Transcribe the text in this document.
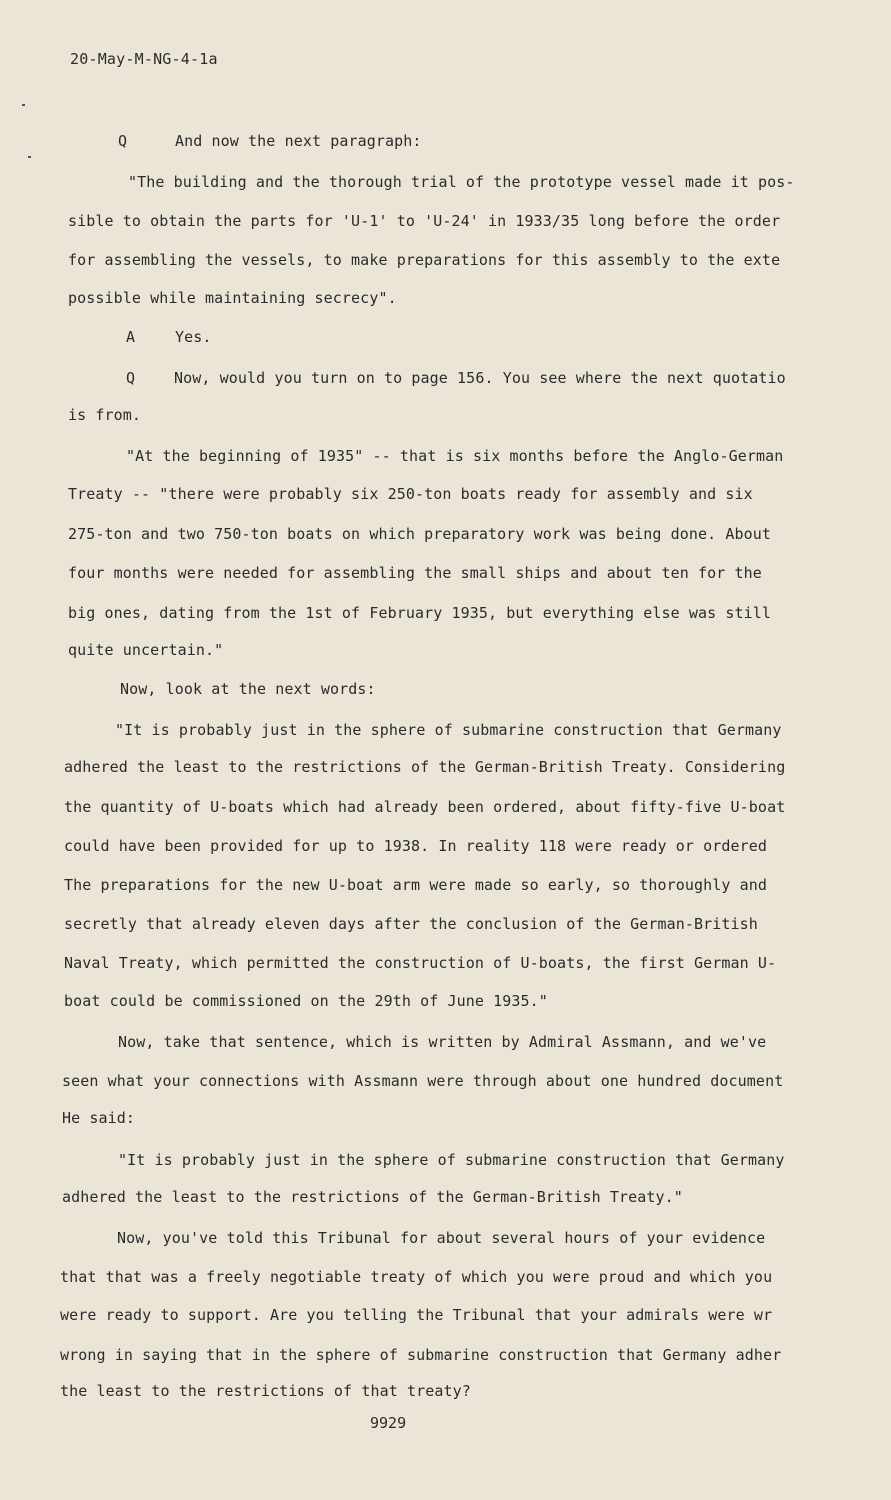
20-May-M-NG-4-1a
Q	And now the next paragraph:
"The building and the thorough trial of the prototype vessel made it pos-
sible to obtain the parts for 'U-1' to 'U-24' in 1933/35 long before the order
for assembling the vessels, to make preparations for this assembly to the exte
possible while maintaining secrecy".
A	Yes.
Q	Now, would you turn on to page 156. You see where the next quotatio
is from.
"At the beginning of 1935" -- that is six months before the Anglo-German
Treaty -- "there were probably six 250-ton boats ready for assembly and six
275-ton and two 750-ton boats on which preparatory work was being done. About
four months were needed for assembling the small ships and about ten for the
big ones, dating from the 1st of February 1935, but everything else was still
quite uncertain."
Now, look at the next words:
"It is probably just in the sphere of submarine construction that Germany
adhered the least to the restrictions of the German-British Treaty. Considering
the quantity of U-boats which had already been ordered, about fifty-five U-boat
could have been provided for up to 1938. In reality 118 were ready or ordered
The preparations for the new U-boat arm were made so early, so thoroughly and
secretly that already eleven days after the conclusion of the German-British
Naval Treaty, which permitted the construction of U-boats, the first German U-
boat could be commissioned on the 29th of June 1935."
Now, take that sentence, which is written by Admiral Assmann, and we've
seen what your connections with Assmann were through about one hundred document
He said:
"It is probably just in the sphere of submarine construction that Germany
adhered the least to the restrictions of the German-British Treaty."
Now, you've told this Tribunal for about several hours of your evidence
that that was a freely negotiable treaty of which you were proud and which you
were ready to support. Are you telling the Tribunal that your admirals were wr
wrong in saying that in the sphere of submarine construction that Germany adher
the least to the restrictions of that treaty?
9929
